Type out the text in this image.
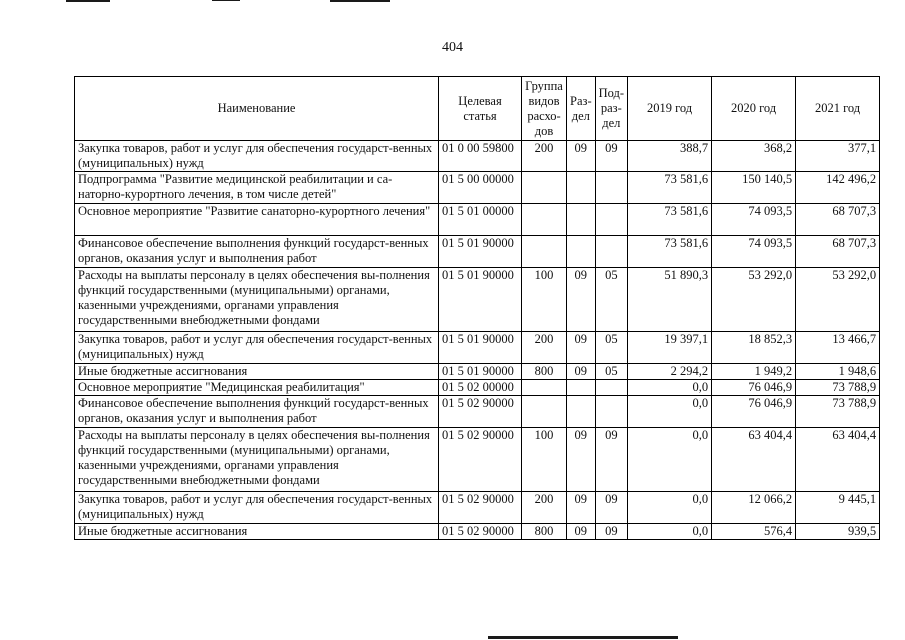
404
Наименование	Целевая статья	Группа видов расхо-дов	Раз-дел	Под-раз-дел	2019 год	2020 год	2021 год
Закупка товаров, работ и услуг для обеспечения государст-венных (муниципальных) нужд	01 0 00 59800	200	09	09	388,7	368,2	377,1
Подпрограмма "Развитие медицинской реабилитации и са-наторно-курортного лечения, в том числе детей"	01 5 00 00000				73 581,6	150 140,5	142 496,2
Основное мероприятие "Развитие санаторно-курортного лечения"	01 5 01 00000				73 581,6	74 093,5	68 707,3
Финансовое обеспечение выполнения функций государст-венных органов, оказания услуг и выполнения работ	01 5 01 90000				73 581,6	74 093,5	68 707,3
Расходы на выплаты персоналу в целях обеспечения вы-полнения функций государственными (муниципальными) органами, казенными учреждениями, органами управления государственными внебюджетными фондами	01 5 01 90000	100	09	05	51 890,3	53 292,0	53 292,0
Закупка товаров, работ и услуг для обеспечения государст-венных (муниципальных) нужд	01 5 01 90000	200	09	05	19 397,1	18 852,3	13 466,7
Иные бюджетные ассигнования	01 5 01 90000	800	09	05	2 294,2	1 949,2	1 948,6
Основное мероприятие "Медицинская реабилитация"	01 5 02 00000				0,0	76 046,9	73 788,9
Финансовое обеспечение выполнения функций государст-венных органов, оказания услуг и выполнения работ	01 5 02 90000				0,0	76 046,9	73 788,9
Расходы на выплаты персоналу в целях обеспечения вы-полнения функций государственными (муниципальными) органами, казенными учреждениями, органами управления государственными внебюджетными фондами	01 5 02 90000	100	09	09	0,0	63 404,4	63 404,4
Закупка товаров, работ и услуг для обеспечения государст-венных (муниципальных) нужд	01 5 02 90000	200	09	09	0,0	12 066,2	9 445,1
Иные бюджетные ассигнования	01 5 02 90000	800	09	09	0,0	576,4	939,5
